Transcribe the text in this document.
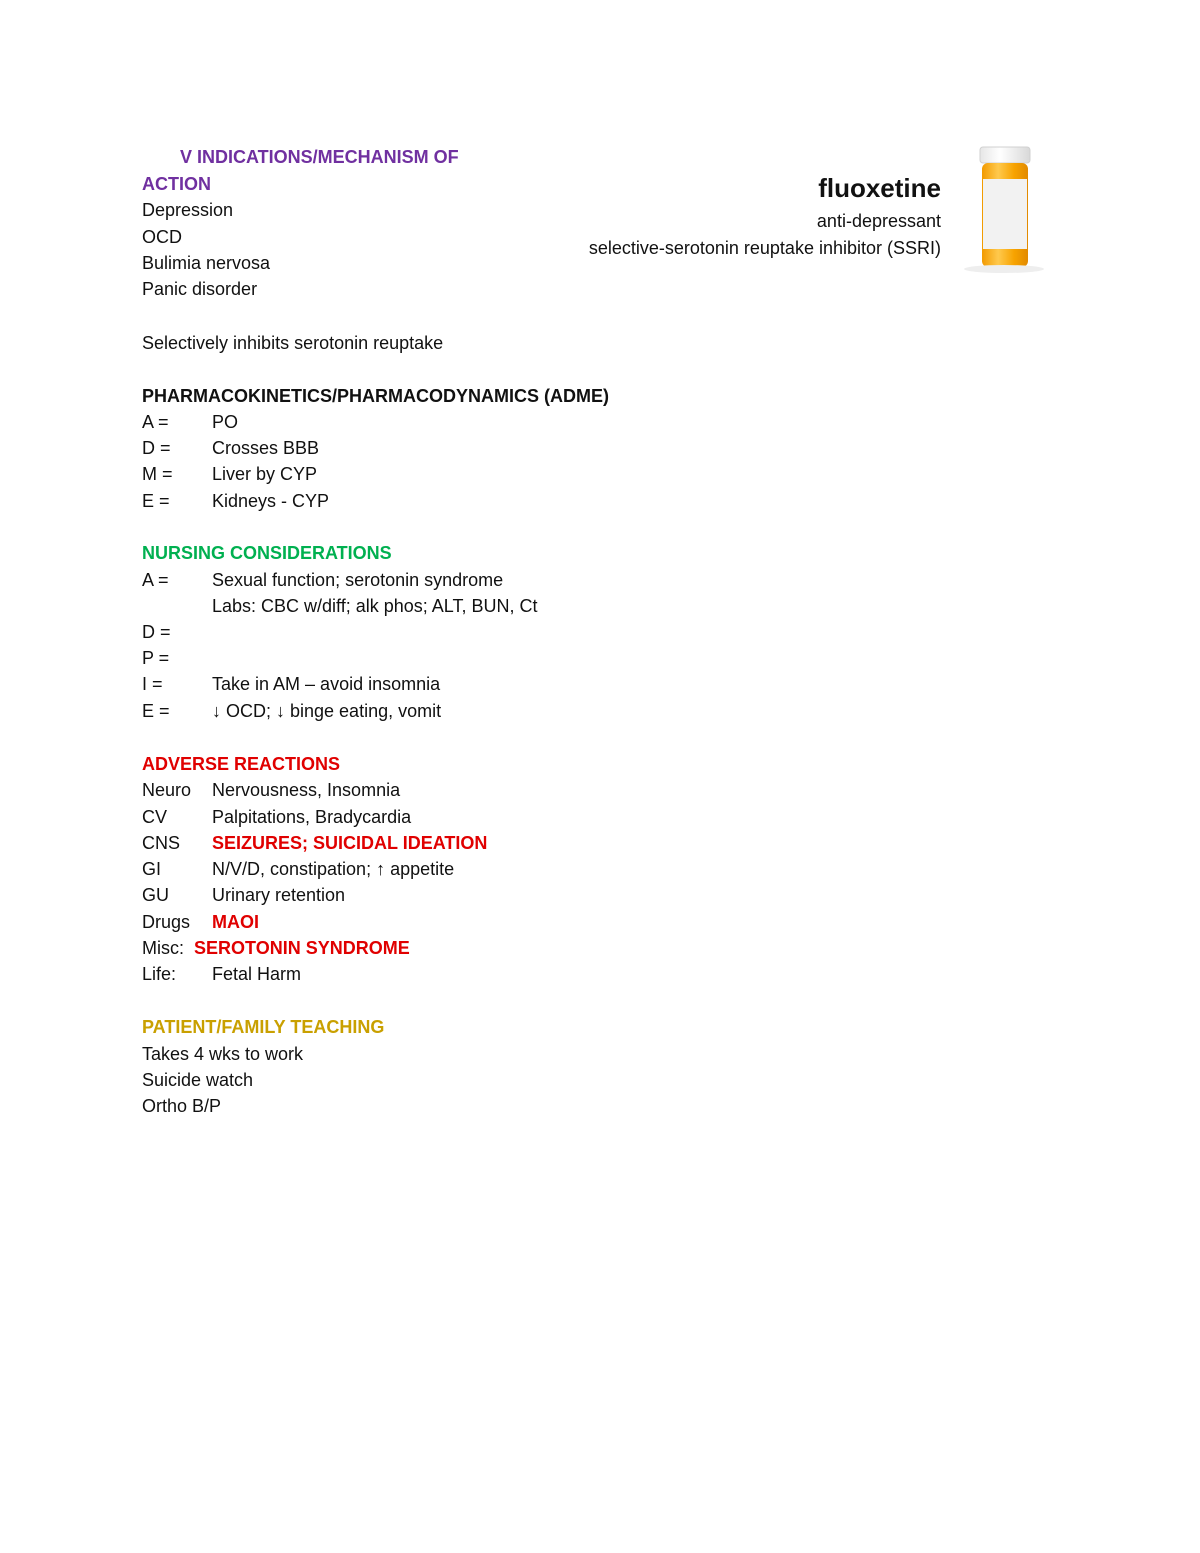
fluoxetine
anti-depressant
selective-serotonin reuptake inhibitor (SSRI)
V INDICATIONS/MECHANISM OF
ACTION
Depression
OCD
Bulimia nervosa
Panic disorder
Selectively inhibits serotonin reuptake
PHARMACOKINETICS/PHARMACODYNAMICS (ADME)
A = PO
D = Crosses BBB
M = Liver by CYP
E = Kidneys - CYP
NURSING CONSIDERATIONS
A = Sexual function; serotonin syndrome
Labs: CBC w/diff; alk phos; ALT, BUN, Ct
D =
P =
I =	Take in AM – avoid insomnia
E = ↓ OCD; ↓ binge eating, vomit
ADVERSE REACTIONS
Neuro Nervousness, Insomnia
CV Palpitations, Bradycardia
CNS SEIZURES; SUICIDAL IDEATION
GI	N/V/D, constipation; ↑ appetite
GU Urinary retention
Drugs MAOI
Misc: SEROTONIN SYNDROME
Life: Fetal Harm
PATIENT/FAMILY TEACHING
Takes 4 wks to work
Suicide watch
Ortho B/P
